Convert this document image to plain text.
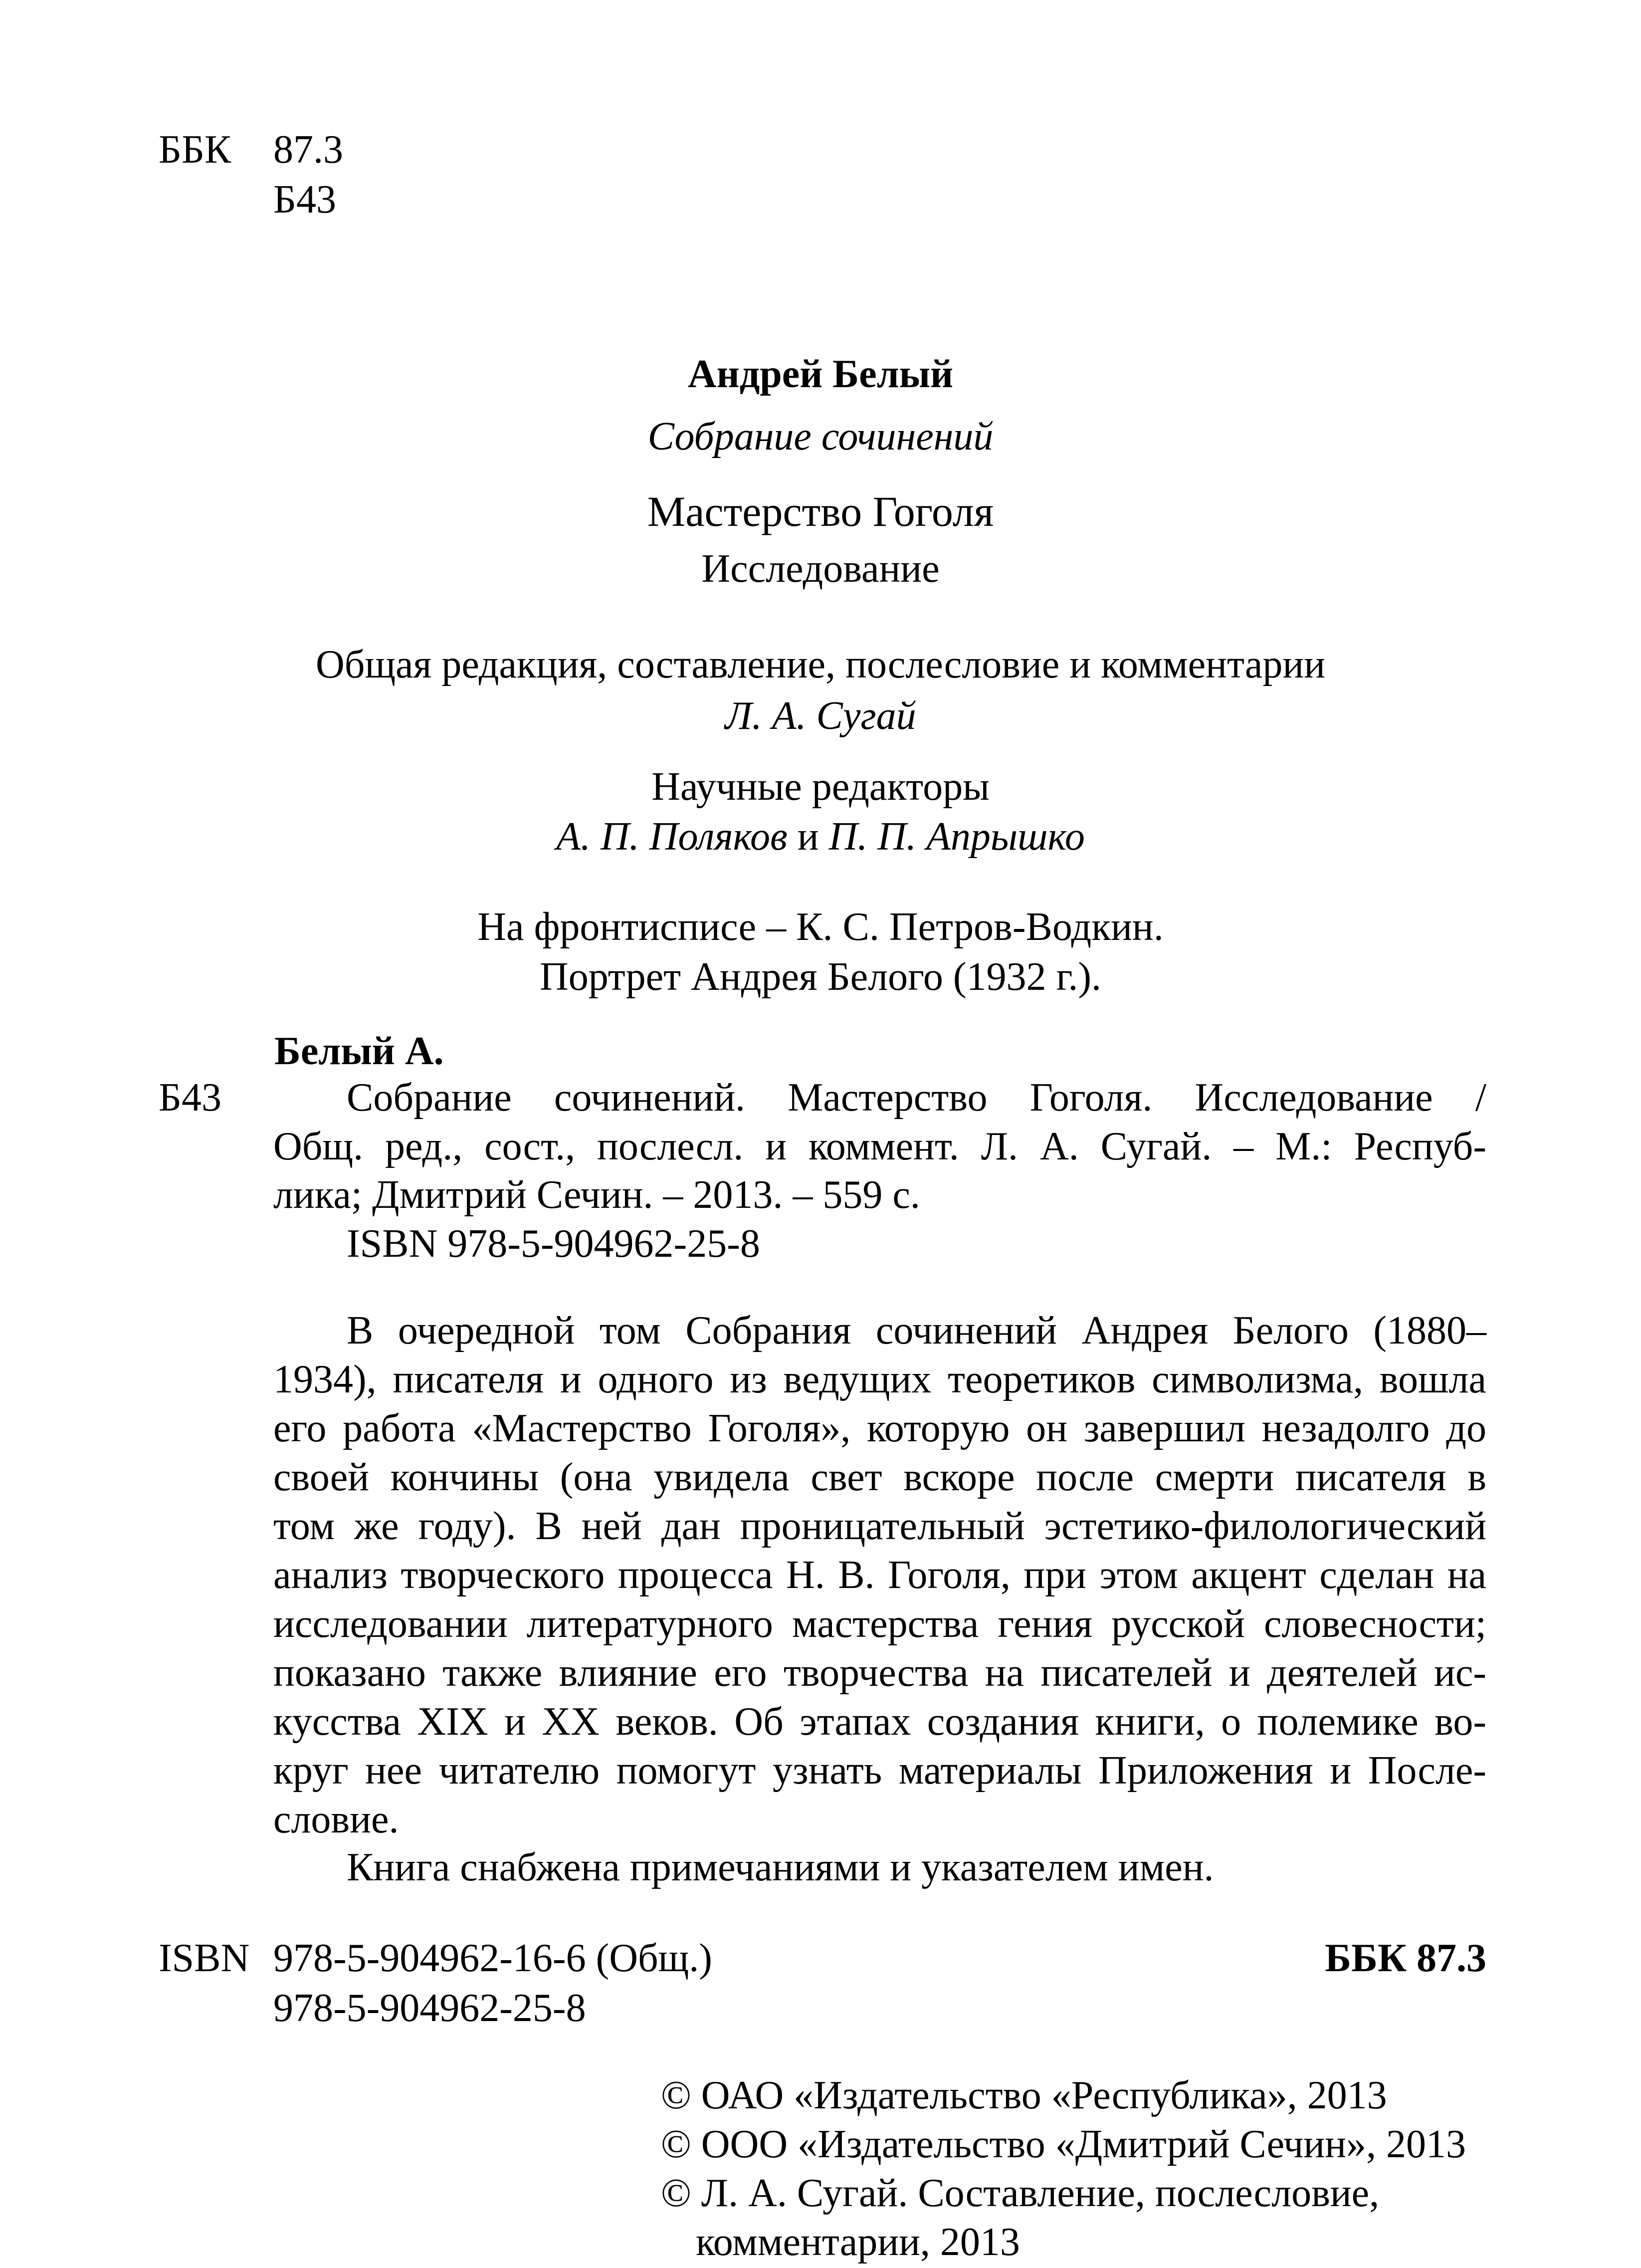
ББК 87.3
Б43
Андрей Белый
Собрание сочинений
Мастерство Гоголя
Исследование
Общая редакция, составление, послесловие и комментарии
Л. А. Сугай
Научные редакторы
А. П. Поляков и П. П. Апрышко
На фронтисписе – К. С. Петров-Водкин.
Портрет Андрея Белого (1932 г.).
Белый А.
Б43	Собрание сочинений. Мастерство Гоголя. Исследование /
Общ. ред., сост., послесл. и коммент. Л. А. Сугай. – М.: Респуб-
лика; Дмитрий Сечин. – 2013. – 559 с.
ISBN 978-5-904962-25-8
В очередной том Собрания сочинений Андрея Белого (1880–
1934), писателя и одного из ведущих теоретиков символизма, вошла
его работа «Мастерство Гоголя», которую он завершил незадолго до
своей кончины (она увидела свет вскоре после смерти писателя в
том же году). В ней дан проницательный эстетико-филологический
анализ творческого процесса Н. В. Гоголя, при этом акцент сделан на
исследовании литературного мастерства гения русской словесности;
показано также влияние его творчества на писателей и деятелей ис-
кусства XIX и XX веков. Об этапах создания книги, о полемике во-
круг нее читателю помогут узнать материалы Приложения и После-
словие.
Книга снабжена примечаниями и указателем имен.
ISBN 978-5-904962-16-6 (Общ.)	ББК 87.3
978-5-904962-25-8
© ОАО «Издательство «Республика», 2013
© ООО «Издательство «Дмитрий Сечин», 2013
© Л. А. Сугай. Составление, послесловие,
комментарии, 2013
